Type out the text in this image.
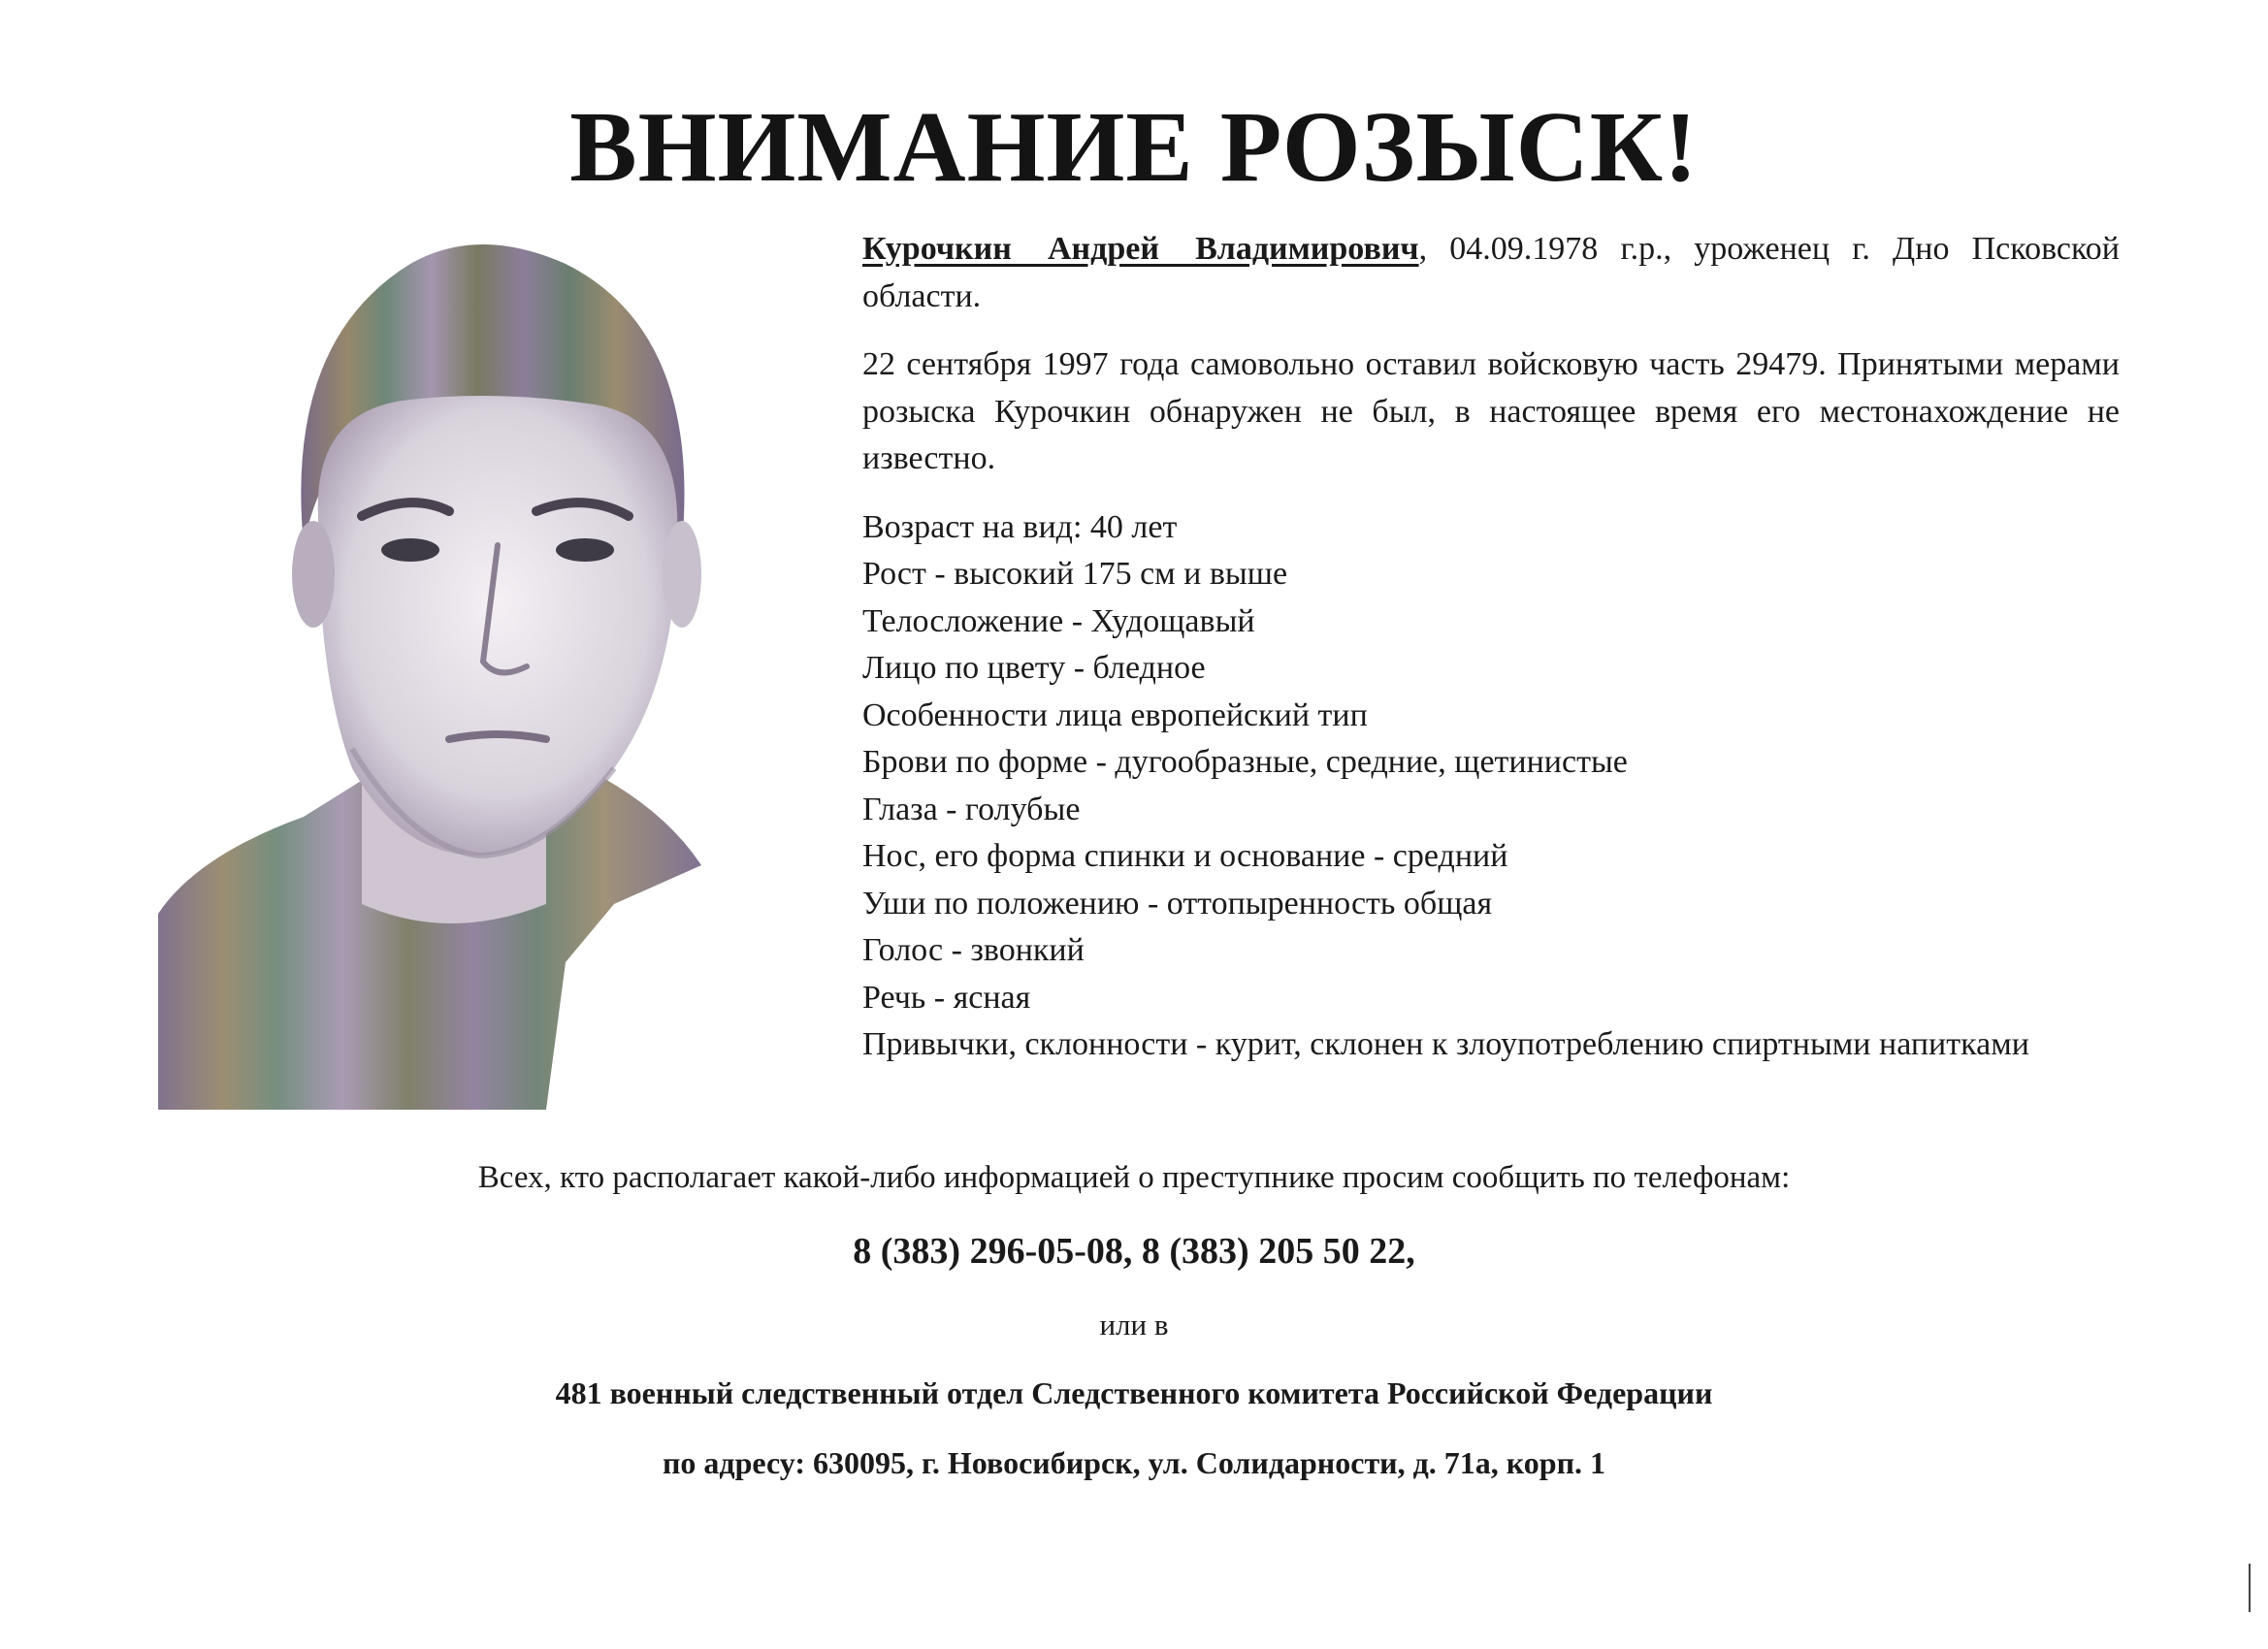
ВНИМАНИЕ РОЗЫСК!

Курочкин Андрей Владимирович, 04.09.1978 г.р., уроженец г. Дно Псковской области.

22 сентября 1997 года самовольно оставил войсковую часть 29479. Принятыми мерами розыска Курочкин обнаружен не был, в настоящее время его местонахождение не известно.

Возраст на вид: 40 лет
Рост - высокий 175 см и выше
Телосложение - Худощавый
Лицо по цвету - бледное
Особенности лица европейский тип
Брови по форме - дугообразные, средние, щетинистые
Глаза - голубые
Нос, его форма спинки и основание - средний
Уши по положению - оттопыренность общая
Голос - звонкий
Речь - ясная
Привычки, склонности - курит, склонен к злоупотреблению спиртными напитками

Всех, кто располагает какой-либо информацией о преступнике просим сообщить по телефонам:

8 (383) 296-05-08, 8 (383) 205 50 22,

или в

481 военный следственный отдел Следственного комитета Российской Федерации

по адресу: 630095, г. Новосибирск, ул. Солидарности, д. 71а, корп. 1
